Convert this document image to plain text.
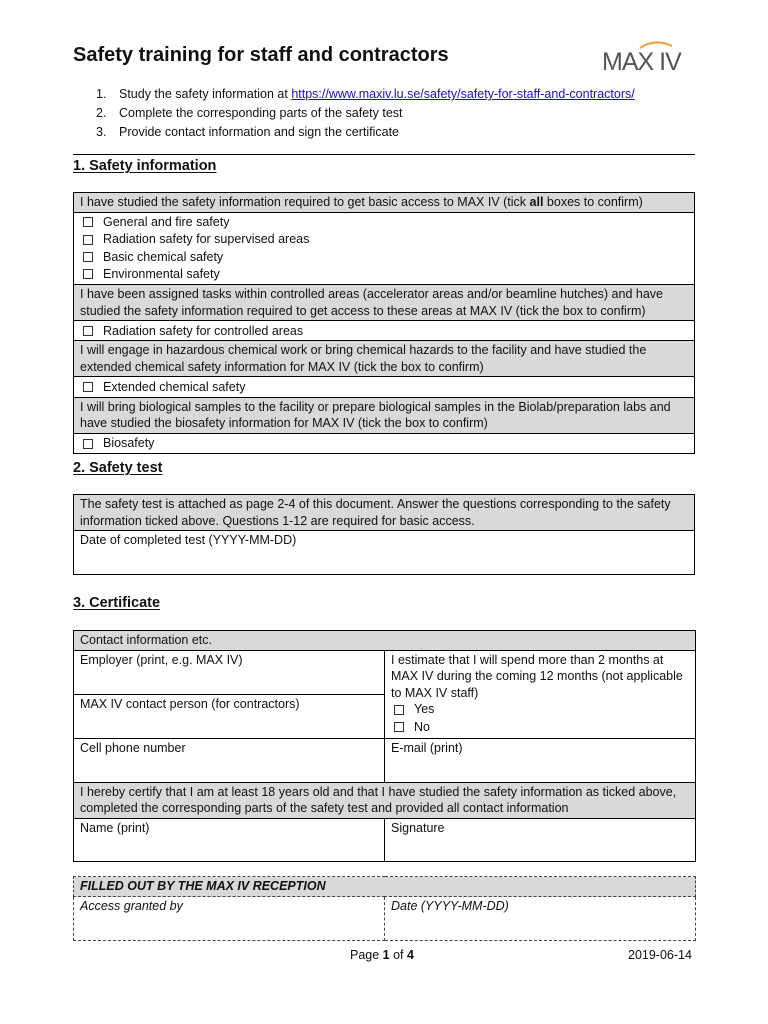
Safety training for staff and contractors	MAX IV
1.	Study the safety information at https://www.maxiv.lu.se/safety/safety-for-staff-and-contractors/
2.	Complete the corresponding parts of the safety test
3.	Provide contact information and sign the certificate
1. Safety information
I have studied the safety information required to get basic access to MAX IV (tick all boxes to confirm)

General and fire safety
Radiation safety for supervised areas
Basic chemical safety
Environmental safety

I have been assigned tasks within controlled areas (accelerator areas and/or beamline hutches) and have studied the safety information required to get access to these areas at MAX IV (tick the box to confirm)

Radiation safety for controlled areas

I will engage in hazardous chemical work or bring chemical hazards to the facility and have studied the extended chemical safety information for MAX IV (tick the box to confirm)

Extended chemical safety

I will bring biological samples to the facility or prepare biological samples in the Biolab/preparation labs and have studied the biosafety information for MAX IV (tick the box to confirm)

Biosafety
2. Safety test
The safety test is attached as page 2-4 of this document. Answer the questions corresponding to the safety information ticked above. Questions 1-12 are required for basic access.
Date of completed test (YYYY-MM-DD)
3. Certificate
Contact information etc.	
Employer (print, e.g. MAX IV)	I estimate that I will spend more than 2 months at MAX IV during the coming 12 months (not applicable to MAX IV staff)
Yes
No

MAX IV contact person (for contractors)	
Cell phone number	E-mail (print)
I hereby certify that I am at least 18 years old and that I have studied the safety information as ticked above, completed the corresponding parts of the safety test and provided all contact information	
Name (print)	Signature
FILLED OUT BY THE MAX IV RECEPTION
Access granted by	Date (YYYY-MM-DD)
Page 1 of 4	2019-06-14
